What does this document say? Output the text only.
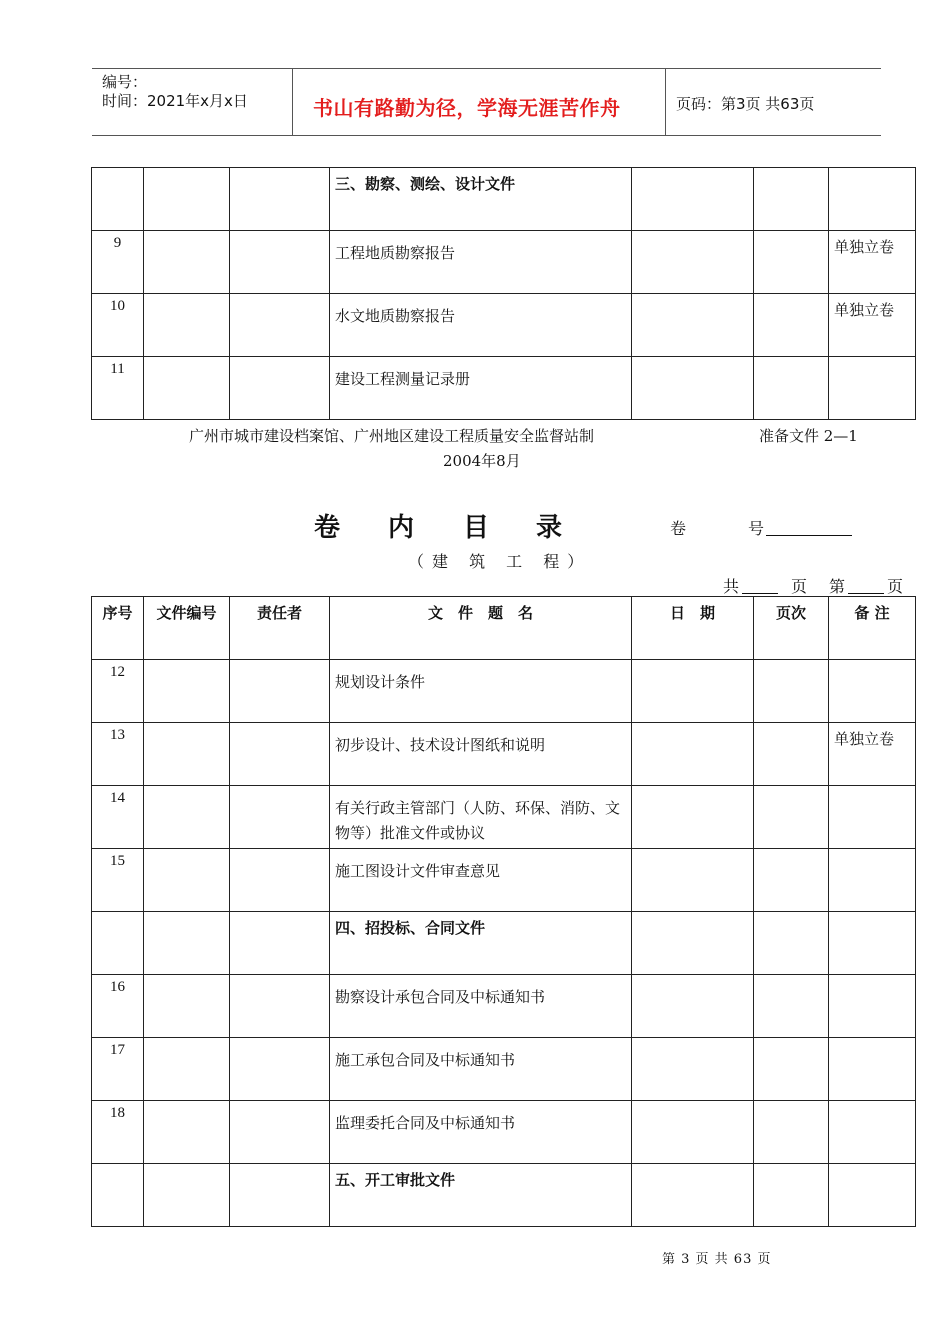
编号：
时间：2021年x月x日	书山有路勤为径，学海无涯苦作舟	页码：第3页 共63页
			三、勘察、测绘、设计文件			
9			工程地质勘察报告			单独立卷
10			水文地质勘察报告			单独立卷
11			建设工程测量记录册			
广州市城市建设档案馆、广州地区建设工程质量安全监督站制	准备文件 2—1
2004年8月
卷 内 目 录	卷	号
（建 筑 工 程）
共	页 第	页
序号	文件编号	责任者	文　件　题　名	日　期	页次	备 注
12			规划设计条件			
13			初步设计、技术设计图纸和说明			单独立卷
14			有关行政主管部门（人防、环保、消防、文物等）批准文件或协议			
15			施工图设计文件审查意见			
			四、招投标、合同文件			
16			勘察设计承包合同及中标通知书			
17			施工承包合同及中标通知书			
18			监理委托合同及中标通知书			
			五、开工审批文件			
第 3 页 共 63 页
